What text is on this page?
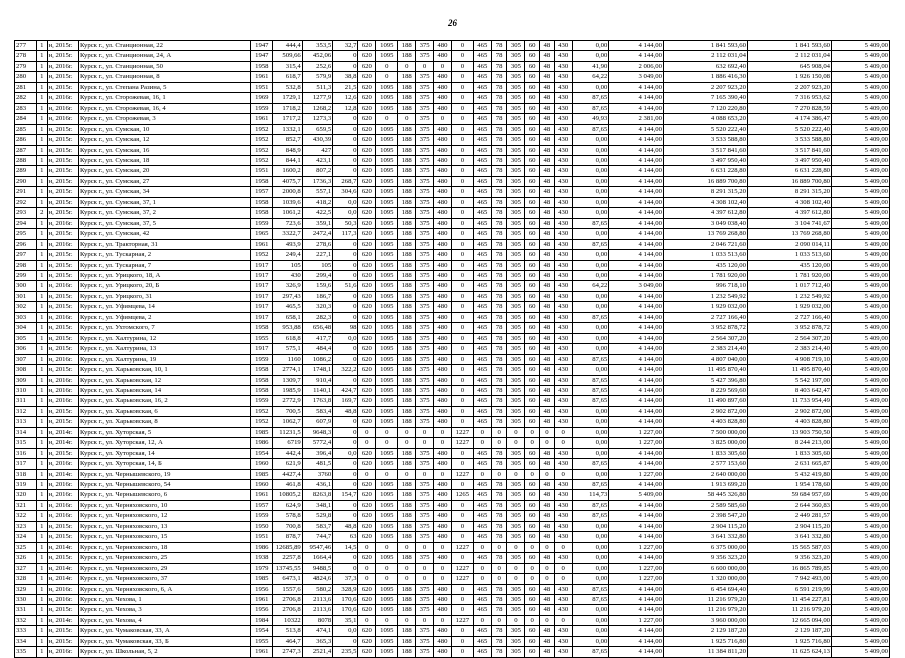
26
277	1	н, 2015г.	Курск г., ул. Станционная, 22	1947	444,4	353,5	32,7	620	1095	188	375	480	0	465	78	305	60	48	430	0,00	4 144,00	1 841 593,60	1 841 593,60	5 409,00
278	1	н, 2015г.	Курск г., ул. Станционная, 24, А	1947	509,66	452,06	0	620	1095	188	375	480	0	465	78	305	60	48	430	0,00	4 144,00	2 112 031,04	2 112 031,04	5 409,00
279	1	н, 2016г.	Курск г., ул. Станционная, 50	1958	315,4	252,6	0	620	0	0	0	0	0	465	78	305	60	48	430	41,90	2 006,00	632 692,40	645 908,04	5 409,00
280	1	н, 2015г.	Курск г., ул. Станционная, 8	1961	618,7	579,9	38,8	620	0	188	375	480	0	465	78	305	60	48	430	64,22	3 049,00	1 886 416,30	1 926 150,08	5 409,00
281	1	н, 2015г.	Курск г., ул. Степана Разина, 5	1951	532,8	511,3	21,5	620	1095	188	375	480	0	465	78	305	60	48	430	0,00	4 144,00	2 207 923,20	2 207 923,20	5 409,00
282	1	н, 2016г.	Курск г., ул. Сторожевая, 16, 1	1969	1729,1	1277,9	12,6	620	1095	188	375	480	0	465	78	305	60	48	430	87,65	4 144,00	7 165 390,40	7 316 953,62	5 409,00
283	1	н, 2016г.	Курск г., ул. Сторожевая, 16, 4	1959	1718,2	1268,2	12,8	620	1095	188	375	480	0	465	78	305	60	48	430	87,65	4 144,00	7 120 220,80	7 270 828,59	5 409,00
284	1	н, 2016г.	Курск г., ул. Сторожевая, 3	1961	1717,2	1273,3	0	620	0	0	375	0	0	465	78	305	60	48	430	49,93	2 381,00	4 088 653,20	4 174 386,47	5 409,00
285	1	н, 2015г.	Курск г., ул. Сумская, 10	1952	1332,1	659,5	0	620	1095	188	375	480	0	465	78	305	60	48	430	87,65	4 144,00	5 520 222,40	5 520 222,40	5 409,00
286	1	н, 2015г.	Курск г., ул. Сумская, 12	1952	852,7	430,39	0	620	1095	188	375	480	0	465	78	305	60	48	430	0,00	4 144,00	3 533 588,80	3 533 588,80	5 409,00
287	1	н, 2015г.	Курск г., ул. Сумская, 16	1952	848,9	427	0	620	1095	188	375	480	0	465	78	305	60	48	430	0,00	4 144,00	3 517 841,60	3 517 841,60	5 409,00
288	1	н, 2015г.	Курск г., ул. Сумская, 18	1952	844,1	423,1	0	620	1095	188	375	480	0	465	78	305	60	48	430	0,00	4 144,00	3 497 950,40	3 497 950,40	5 409,00
289	1	н, 2015г.	Курск г., ул. Сумская, 20	1951	1600,2	807,2	0	620	1095	188	375	480	0	465	78	305	60	48	430	0,00	4 144,00	6 631 228,80	6 631 228,80	5 409,00
290	1	н, 2015г.	Курск г., ул. Сумская, 27	1958	4075,7	1736,3	268,7	620	1095	188	375	480	0	465	78	305	60	48	430	0,00	4 144,00	16 889 700,80	16 889 700,80	5 409,00
291	1	н, 2015г.	Курск г., ул. Сумская, 34	1957	2000,8	557,1	304,6	620	1095	188	375	480	0	465	78	305	60	48	430	0,00	4 144,00	8 291 315,20	8 291 315,20	5 409,00
292	1	н, 2015г.	Курск г., ул. Сумская, 37, 1	1958	1039,6	418,2	0,0	620	1095	188	375	480	0	465	78	305	60	48	430	0,00	4 144,00	4 308 102,40	4 308 102,40	5 409,00
293	2	н, 2015г.	Курск г., ул. Сумская, 37, 2	1958	1061,2	422,5	0,0	620	1095	188	375	480	0	465	78	305	60	48	430	0,00	4 144,00	4 397 612,80	4 397 612,80	5 409,00
294	1	н, 2016г.	Курск г., ул. Сумская, 37, 5	1959	723,6	359,1	50,3	620	1095	188	375	480	0	465	78	305	60	48	430	87,65	4 144,00	3 049 038,40	3 104 741,67	5 409,00
295	1	н, 2015г.	Курск г., ул. Сумская, 42	1965	3322,7	2472,4	117,3	620	1095	188	375	480	0	465	78	305	60	48	430	0,00	4 144,00	13 769 268,80	13 769 268,80	5 409,00
296	1	н, 2016г.	Курск г., ул. Тракторная, 31	1961	493,9	278,6	0	620	1095	188	375	480	0	465	78	305	60	48	430	87,65	4 144,00	2 046 721,60	2 090 014,11	5 409,00
297	1	н, 2015г.	Курск г., ул. Тускарная, 2	1952	249,4	227,1	0	620	1095	188	375	480	0	465	78	305	60	48	430	0,00	4 144,00	1 033 513,60	1 033 513,60	5 409,00
298	1	н, 2015г.	Курск г., ул. Тускарная, 7	1917	105	105	0	620	1095	188	375	480	0	465	78	305	60	48	430	0,00	4 144,00	435 120,00	435 120,00	5 409,00
299	1	н, 2015г.	Курск г., ул. Урицкого, 18, А	1917	430	299,4	0	620	1095	188	375	480	0	465	78	305	60	48	430	0,00	4 144,00	1 781 920,00	1 781 920,00	5 409,00
300	1	н, 2016г.	Курск г., ул. Урицкого, 20, Б	1917	326,9	159,6	51,6	620	1095	188	375	480	0	465	78	305	60	48	430	64,22	3 049,00	996 718,10	1 017 712,40	5 409,00
301	1	н, 2015г.	Курск г., ул. Урицкого, 31	1917	297,43	186,7	0	620	1095	188	375	480	0	465	78	305	60	48	430	0,00	4 144,00	1 232 549,92	1 232 549,92	5 409,00
302	1	н, 2015г.	Курск г., ул. Уфимцева, 14	1917	465,5	320,3	0	620	1095	188	375	480	0	465	78	305	60	48	430	0,00	4 144,00	1 929 032,00	1 929 032,00	5 409,00
303	1	н, 2016г.	Курск г., ул. Уфимцева, 2	1917	658,1	282,3	0	620	1095	188	375	480	0	465	78	305	60	48	430	87,65	4 144,00	2 727 166,40	2 727 166,40	5 409,00
304	1	н, 2015г.	Курск г., ул. Ухтомского, 7	1958	953,88	656,48	98	620	1095	188	375	480	0	465	78	305	60	48	430	0,00	4 144,00	3 952 878,72	3 952 878,72	5 409,00
305	1	н, 2015г.	Курск г., ул. Халтурина, 12	1955	618,8	417,7	0,0	620	1095	188	375	480	0	465	78	305	60	48	430	0,00	4 144,00	2 564 307,20	2 564 307,20	5 409,00
306	1	н, 2015г.	Курск г., ул. Халтурина, 13	1917	575,1	484,4	0	620	1095	188	375	480	0	465	78	305	60	48	430	0,00	4 144,00	2 383 214,40	2 383 214,40	5 409,00
307	1	н, 2016г.	Курск г., ул. Халтурина, 19	1959	1160	1086,2	0	620	1095	188	375	480	0	465	78	305	60	48	430	87,65	4 144,00	4 807 040,00	4 908 719,10	5 409,00
308	1	н, 2015г.	Курск г., ул. Харьковская, 10, 1	1958	2774,1	1748,1	322,2	620	1095	188	375	480	0	465	78	305	60	48	430	0,00	4 144,00	11 495 870,40	11 495 870,40	5 409,00
309	1	н, 2016г.	Курск г., ул. Харьковская, 12	1958	1309,7	910,4	0	620	1095	188	375	480	0	465	78	305	60	48	430	87,65	4 144,00	5 427 396,80	5 542 197,00	5 409,00
310	1	н, 2016г.	Курск г., ул. Харьковская, 14	1958	1985,9	1140,1	424,7	620	1095	188	375	480	0	465	78	305	60	48	430	87,65	4 144,00	8 229 569,60	8 403 642,47	5 409,00
311	1	н, 2016г.	Курск г., ул. Харьковская, 16, 2	1959	2772,9	1763,8	169,7	620	1095	188	375	480	0	465	78	305	60	48	430	87,65	4 144,00	11 490 897,60	11 733 954,49	5 409,00
312	1	н, 2015г.	Курск г., ул. Харьковская, 6	1952	700,5	583,4	48,8	620	1095	188	375	480	0	465	78	305	60	48	430	0,00	4 144,00	2 902 872,00	2 902 872,00	5 409,00
313	1	н, 2015г.	Курск г., ул. Харьковская, 8	1952	1062,7	607,9	0	620	1095	188	375	480	0	465	78	305	60	48	430	0,00	4 144,00	4 403 828,80	4 403 828,80	5 409,00
314	1	н, 2014г.	Курск г., ул. Хуторская, 5	1985	11231,5	9648,3	0	0	0	0	0	0	1227	0	0	0	0	0	0	0,00	1 227,00	7 500 000,00	13 903 750,50	5 409,00
315	1	н, 2014г.	Курск г., ул. Хуторская, 12, А	1986	6719	5772,4	0	0	0	0	0	0	1227	0	0	0	0	0	0	0,00	1 227,00	3 825 000,00	8 244 213,00	5 409,00
316	1	н, 2015г.	Курск г., ул. Хуторская, 14	1954	442,4	396,4	0,0	620	1095	188	375	480	0	465	78	305	60	48	430	0,00	4 144,00	1 833 305,60	1 833 305,60	5 409,00
317	1	н, 2016г.	Курск г., ул. Хуторская, 14, Б	1960	621,9	481,5	0	620	1095	188	375	480	0	465	78	305	60	48	430	87,65	4 144,00	2 577 153,60	2 631 665,87	5 409,00
318	1	н, 2014г.	Курск г., ул. Чернышевского, 19	1985	4427,4	3760	0	0	0	0	0	0	1227	0	0	0	0	0	0	0,00	1 227,00	2 640 000,00	5 432 419,80	5 409,00
319	1	н, 2016г.	Курск г., ул. Чернышевского, 54	1960	461,8	436,1	0	620	1095	188	375	480	0	465	78	305	60	48	430	87,65	4 144,00	1 913 699,20	1 954 178,60	5 409,00
320	1	н, 2016г.	Курск г., ул. Чернышевского, 6	1961	10805,2	8263,8	154,7	620	1095	188	375	480	1265	465	78	305	60	48	430	114,73	5 409,00	58 445 326,80	59 684 957,69	5 409,00
321	1	н, 2016г.	Курск г., ул. Черняховского, 10	1957	624,9	348,1	0	620	1095	188	375	480	0	465	78	305	60	48	430	87,65	4 144,00	2 589 585,60	2 644 360,83	5 409,00
322	1	н, 2016г.	Курск г., ул. Черняховского, 12	1959	578,8	529,8	0	620	1095	188	375	480	0	465	78	305	60	48	430	87,65	4 144,00	2 398 547,20	2 449 281,57	5 409,00
323	1	н, 2015г.	Курск г., ул. Черняховского, 13	1950	700,8	583,7	48,8	620	1095	188	375	480	0	465	78	305	60	48	430	0,00	4 144,00	2 904 115,20	2 904 115,20	5 409,00
324	1	н, 2015г.	Курск г., ул. Черняховского, 15	1951	878,7	744,7	63	620	1095	188	375	480	0	465	78	305	60	48	430	0,00	4 144,00	3 641 332,80	3 641 332,80	5 409,00
325	1	н, 2014г.	Курск г., ул. Черняховского, 18	1986	12685,89	9547,46	14,5	0	0	0	0	0	1227	0	0	0	0	0	0	0,00	1 227,00	6 375 000,00	15 565 587,03	5 409,00
326	1	н, 2015г.	Курск г., ул. Черняховского, 25	1938	2257,8	1664,4	0	620	1095	188	375	480	0	465	78	305	60	48	430	0,00	4 144,00	9 356 323,20	9 356 323,20	5 409,00
327	1	н, 2014г.	Курск г., ул. Черняховского, 29	1979	13745,55	9488,5	0	0	0	0	0	0	1227	0	0	0	0	0	0	0,00	1 227,00	6 600 000,00	16 865 789,85	5 409,00
328	1	н, 2014г.	Курск г., ул. Черняховского, 37	1985	6473,1	4824,6	37,3	0	0	0	0	0	1227	0	0	0	0	0	0	0,00	1 227,00	1 320 000,00	7 942 493,00	5 409,00
329	1	н, 2016г.	Курск г., ул. Черняховского, 6, А	1956	1557,6	580,2	328,9	620	1095	188	375	480	0	465	78	305	60	48	430	87,65	4 144,00	6 454 694,40	6 591 219,99	5 409,00
330	1	н, 2016г.	Курск г., ул. Чехова, 1	1961	2706,8	2113,6	170,6	620	1095	188	375	480	0	465	78	305	60	48	430	87,65	4 144,00	11 216 979,20	11 454 227,81	5 409,00
331	1	н, 2015г.	Курск г., ул. Чехова, 3	1956	2706,8	2113,6	170,6	620	1095	188	375	480	0	465	78	305	60	48	430	0,00	4 144,00	11 216 979,20	11 216 979,20	5 409,00
332	1	н, 2014г.	Курск г., ул. Чехова, 4	1984	10322	8078	35,1	0	0	0	0	0	1227	0	0	0	0	0	0	0,00	1 227,00	3 960 000,00	12 665 094,00	5 409,00
333	1	н, 2015г.	Курск г., ул. Чумаковская, 33, А	1954	513,8	474,1	0,0	620	1095	188	375	480	0	465	78	305	60	48	430	0,00	4 144,00	2 129 187,20	2 129 187,20	5 409,00
334	1	н, 2015г.	Курск г., ул. Чумаковская, 33, Б	1955	464,7	365,3	0	620	1095	188	375	480	0	465	78	305	60	48	430	0,00	4 144,00	1 925 716,80	1 925 716,80	5 409,00
335	1	н, 2016г.	Курск г., ул. Школьная, 5, 2	1961	2747,3	2521,4	235,5	620	1095	188	375	480	0	465	78	305	60	48	430	87,65	4 144,00	11 384 811,20	11 625 624,13	5 409,00
